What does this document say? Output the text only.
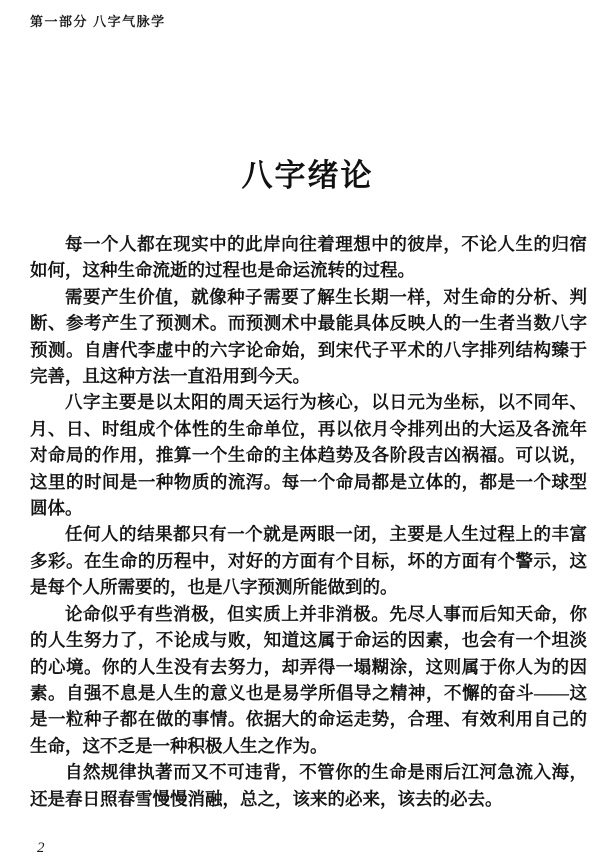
第一部分 八字气脉学
八字绪论

每一个人都在现实中的此岸向往着理想中的彼岸，不论人生的归宿如何，这种生命流逝的过程也是命运流转的过程。

需要产生价值，就像种子需要了解生长期一样，对生命的分析、判断、参考产生了预测术。而预测术中最能具体反映人的一生者当数八字预测。自唐代李虚中的六字论命始，到宋代子平术的八字排列结构臻于完善，且这种方法一直沿用到今天。

八字主要是以太阳的周天运行为核心，以日元为坐标，以不同年、月、日、时组成个体性的生命单位，再以依月令排列出的大运及各流年对命局的作用，推算一个生命的主体趋势及各阶段吉凶祸福。可以说，这里的时间是一种物质的流泻。每一个命局都是立体的，都是一个球型圆体。

任何人的结果都只有一个就是两眼一闭，主要是人生过程上的丰富多彩。在生命的历程中，对好的方面有个目标，坏的方面有个警示，这是每个人所需要的，也是八字预测所能做到的。

论命似乎有些消极，但实质上并非消极。先尽人事而后知天命，你的人生努力了，不论成与败，知道这属于命运的因素，也会有一个坦淡的心境。你的人生没有去努力，却弄得一塌糊涂，这则属于你人为的因素。自强不息是人生的意义也是易学所倡导之精神，不懈的奋斗——这是一粒种子都在做的事情。依据大的命运走势，合理、有效利用自己的生命，这不乏是一种积极人生之作为。

自然规律执著而又不可违背，不管你的生命是雨后江河急流入海，还是春日照春雪慢慢消融，总之，该来的必来，该去的必去。

2
